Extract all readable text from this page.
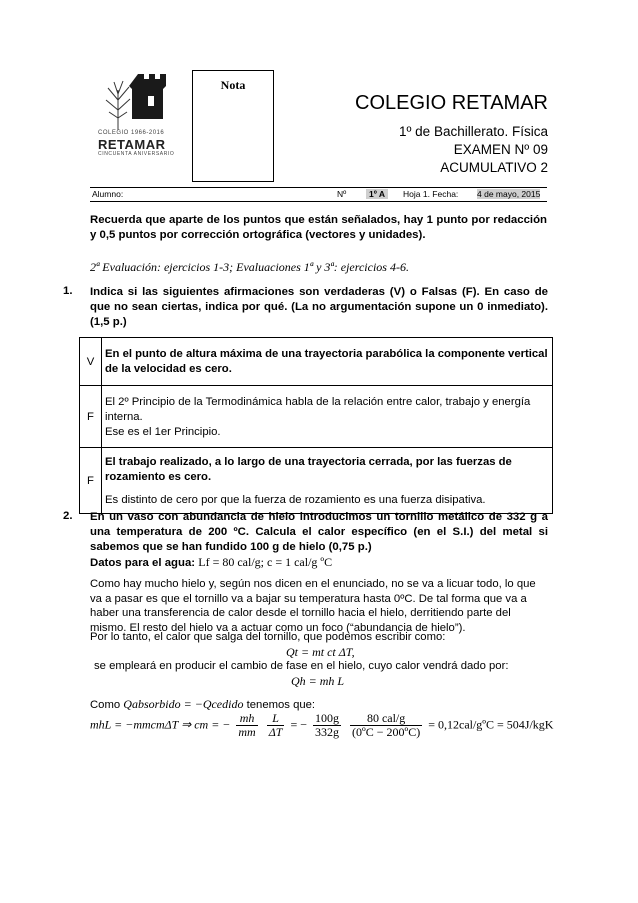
COLEGIO 1966-2016
RETAMAR
CINCUENTA ANIVERSARIO
Nota
COLEGIO RETAMAR
1º de Bachillerato. Física
EXAMEN Nº 09
ACUMULATIVO 2
Alumno:	Nº	1º A	Hoja 1. Fecha: 4 de mayo, 2015
Recuerda que aparte de los puntos que están señalados, hay 1 punto por redacción y 0,5 puntos por corrección ortográfica (vectores y unidades).
2ª Evaluación: ejercicios 1-3; Evaluaciones 1ª y 3ª: ejercicios 4-6.
1. Indica si las siguientes afirmaciones son verdaderas (V) o Falsas (F). En caso de que no sean ciertas, indica por qué. (La no argumentación supone un 0 inmediato). (1,5 p.)
V	En el punto de altura máxima de una trayectoria parabólica la componente vertical de la velocidad es cero.
F	El 2º Principio de la Termodinámica habla de la relación entre calor, trabajo y energía interna.
Ese es el 1er Principio.

F	El trabajo realizado, a lo largo de una trayectoria cerrada, por las fuerzas de rozamiento es cero.
Es distinto de cero por que la fuerza de rozamiento es una fuerza disipativa.
2. En un vaso con abundancia de hielo introducimos un tornillo metálico de 332 g a una temperatura de 200 ºC. Calcula el calor específico (en el S.I.) del metal si sabemos que se han fundido 100 g de hielo (0,75 p.)
Datos para el agua: Lf = 80 cal/g; c = 1 cal/g ºC
Como hay mucho hielo y, según nos dicen en el enunciado, no se va a licuar todo, lo que va a pasar es que el tornillo va a bajar su temperatura hasta 0ºC. De tal forma que va a haber una transferencia de calor desde el tornillo hacia el hielo, derritiendo parte del mismo. El resto del hielo va a actuar como un foco (“abundancia de hielo”).
Por lo tanto, el calor que salga del tornillo, que podemos escribir como:
Qt = mt ct ΔT,
se empleará en producir el cambio de fase en el hielo, cuyo calor vendrá dado por:
Qh = mh L
Como Qabsorbido = −Qcedido tenemos que:
mhL = −mmcmΔT ⇒ cm = − $\frac{mh}{mm}$
$\frac{L}{\Delta T}$ = − $\frac{100g}{332g}$
$\frac{\text{80 cal/g}}{\text{(0ºC − 200ºC)}}$ = 0,12cal/gºC = 504J/kgK
